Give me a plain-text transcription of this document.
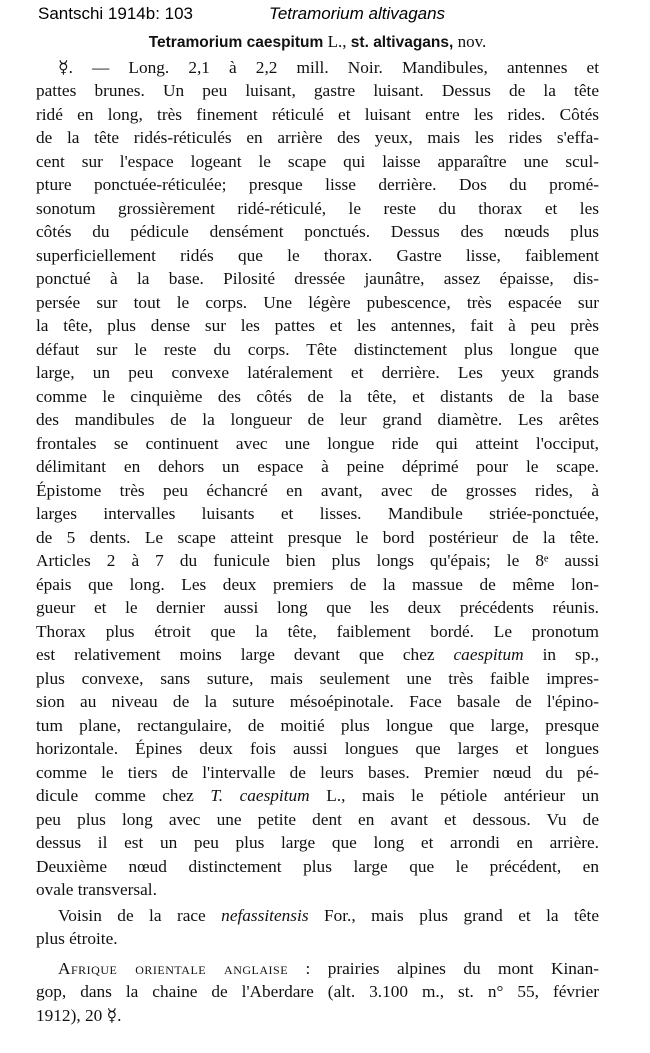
Santschi 1914b: 103	Tetramorium altivagans
Tetramorium caespitum L., st. altivagans, nov.
☿. — Long. 2,1 à 2,2 mill. Noir. Mandibules, antennes et
pattes brunes. Un peu luisant, gastre luisant. Dessus de la tête
ridé en long, très finement réticulé et luisant entre les rides. Côtés
de la tête ridés-réticulés en arrière des yeux, mais les rides s'effa-
cent sur l'espace logeant le scape qui laisse apparaître une scul-
pture ponctuée-réticulée; presque lisse derrière. Dos du promé-
sonotum grossièrement ridé-réticulé, le reste du thorax et les
côtés du pédicule densément ponctués. Dessus des nœuds plus
superficiellement ridés que le thorax. Gastre lisse, faiblement
ponctué à la base. Pilosité dressée jaunâtre, assez épaisse, dis-
persée sur tout le corps. Une légère pubescence, très espacée sur
la tête, plus dense sur les pattes et les antennes, fait à peu près
défaut sur le reste du corps. Tête distinctement plus longue que
large, un peu convexe latéralement et derrière. Les yeux grands
comme le cinquième des côtés de la tête, et distants de la base
des mandibules de la longueur de leur grand diamètre. Les arêtes
frontales se continuent avec une longue ride qui atteint l'occiput,
délimitant en dehors un espace à peine déprimé pour le scape.
Épistome très peu échancré en avant, avec de grosses rides, à
larges intervalles luisants et lisses. Mandibule striée-ponctuée,
de 5 dents. Le scape atteint presque le bord postérieur de la tête.
Articles 2 à 7 du funicule bien plus longs qu'épais; le 8ᵉ aussi
épais que long. Les deux premiers de la massue de même lon-
gueur et le dernier aussi long que les deux précédents réunis.
Thorax plus étroit que la tête, faiblement bordé. Le pronotum
est relativement moins large devant que chez caespitum in sp.,
plus convexe, sans suture, mais seulement une très faible impres-
sion au niveau de la suture mésoépinotale. Face basale de l'épino-
tum plane, rectangulaire, de moitié plus longue que large, presque
horizontale. Épines deux fois aussi longues que larges et longues
comme le tiers de l'intervalle de leurs bases. Premier nœud du pé-
dicule comme chez T. caespitum L., mais le pétiole antérieur un
peu plus long avec une petite dent en avant et dessous. Vu de
dessus il est un peu plus large que long et arrondi en arrière.
Deuxième nœud distinctement plus large que le précédent, en
ovale transversal.
Voisin de la race nefassitensis For., mais plus grand et la tête
plus étroite.
Afrique orientale anglaise : prairies alpines du mont Kinan-
gop, dans la chaine de l'Aberdare (alt. 3.100 m., st. n° 55, février
1912), 20 ☿.
